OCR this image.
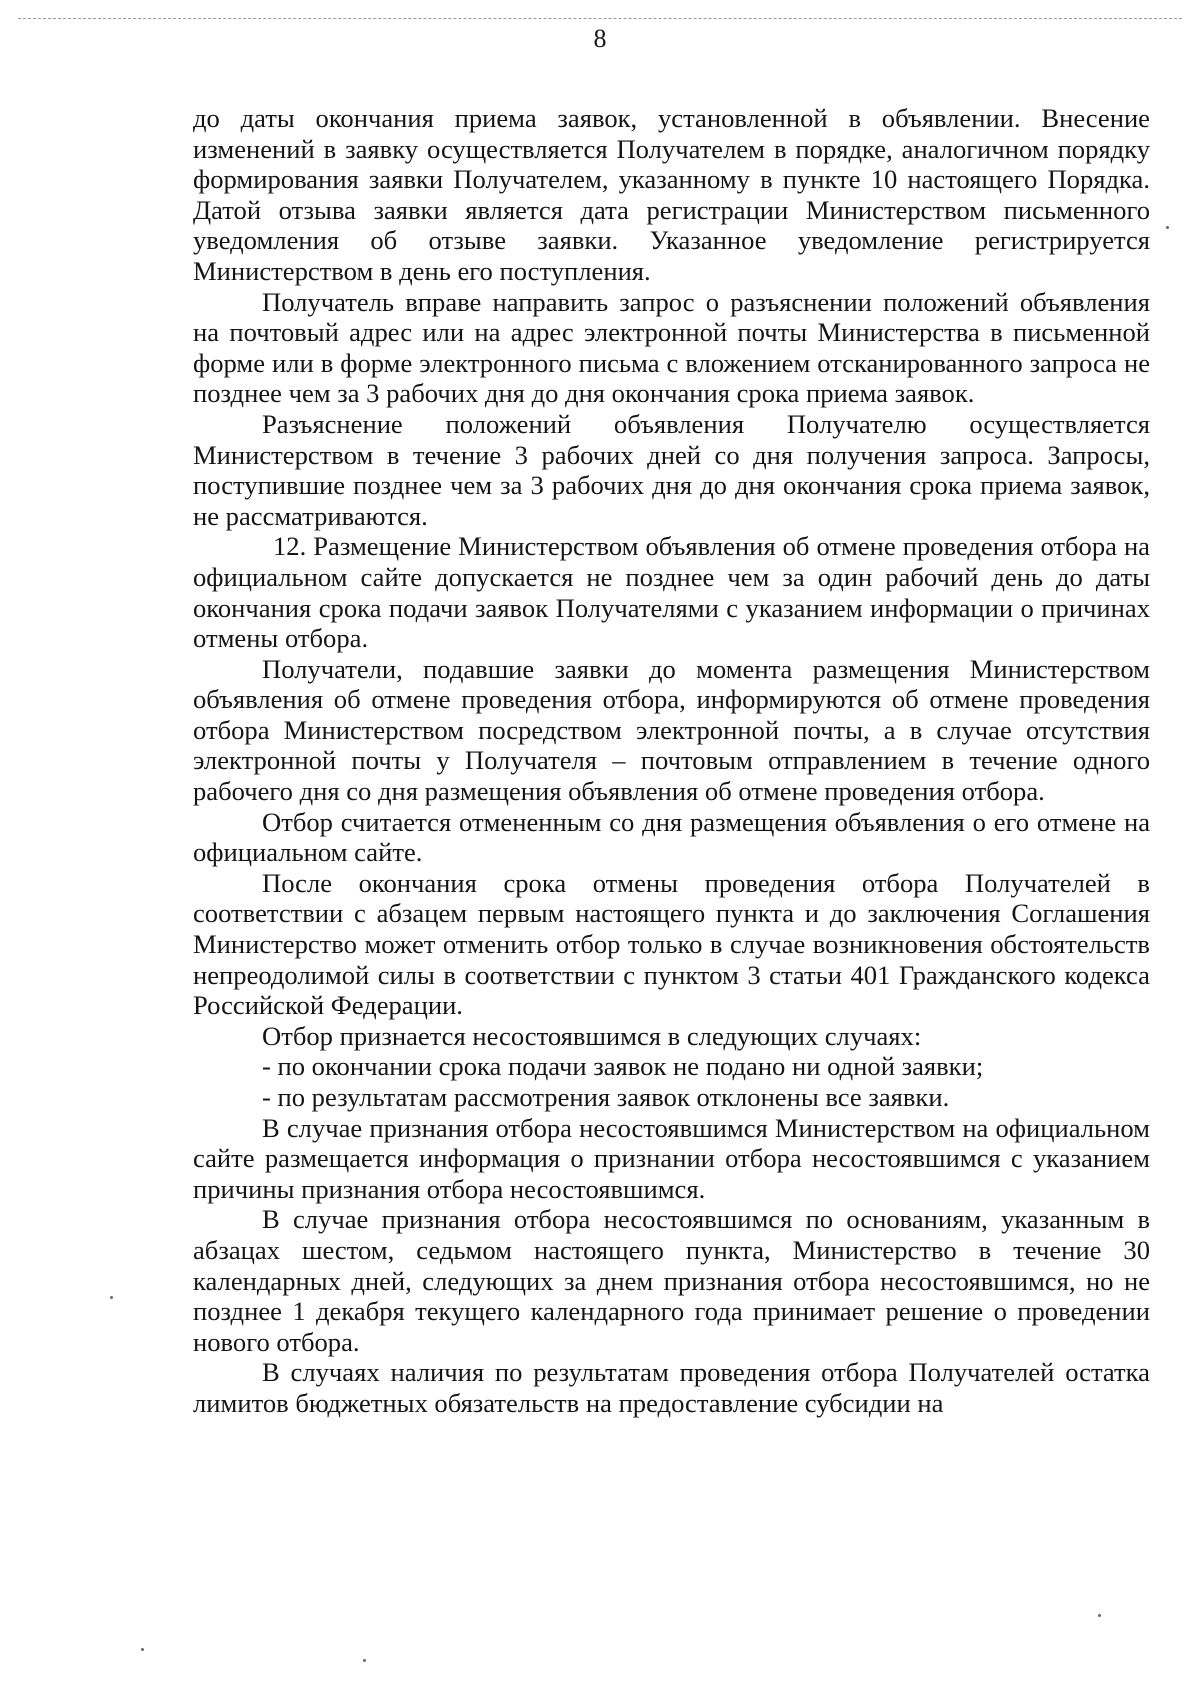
8

до даты окончания приема заявок, установленной в объявлении. Внесение изменений в заявку осуществляется Получателем в порядке, аналогичном порядку формирования заявки Получателем, указанному в пункте 10 настоящего Порядка. Датой отзыва заявки является дата регистрации Министерством письменного уведомления об отзыве заявки. Указанное уведомление регистрируется Министерством в день его поступления.

Получатель вправе направить запрос о разъяснении положений объявления на почтовый адрес или на адрес электронной почты Министерства в письменной форме или в форме электронного письма с вложением отсканированного запроса не позднее чем за 3 рабочих дня до дня окончания срока приема заявок.

Разъяснение положений объявления Получателю осуществляется Министерством в течение 3 рабочих дней со дня получения запроса. Запросы, поступившие позднее чем за 3 рабочих дня до дня окончания срока приема заявок, не рассматриваются.

12. Размещение Министерством объявления об отмене проведения отбора на официальном сайте допускается не позднее чем за один рабочий день до даты окончания срока подачи заявок Получателями с указанием информации о причинах отмены отбора.

Получатели, подавшие заявки до момента размещения Министерством объявления об отмене проведения отбора, информируются об отмене проведения отбора Министерством посредством электронной почты, а в случае отсутствия электронной почты у Получателя – почтовым отправлением в течение одного рабочего дня со дня размещения объявления об отмене проведения отбора.

Отбор считается отмененным со дня размещения объявления о его отмене на официальном сайте.

После окончания срока отмены проведения отбора Получателей в соответствии с абзацем первым настоящего пункта и до заключения Соглашения Министерство может отменить отбор только в случае возникновения обстоятельств непреодолимой силы в соответствии с пунктом 3 статьи 401 Гражданского кодекса Российской Федерации.

Отбор признается несостоявшимся в следующих случаях:

- по окончании срока подачи заявок не подано ни одной заявки;

- по результатам рассмотрения заявок отклонены все заявки.

В случае признания отбора несостоявшимся Министерством на официальном сайте размещается информация о признании отбора несостоявшимся с указанием причины признания отбора несостоявшимся.

В случае признания отбора несостоявшимся по основаниям, указанным в абзацах шестом, седьмом настоящего пункта, Министерство в течение 30 календарных дней, следующих за днем признания отбора несостоявшимся, но не позднее 1 декабря текущего календарного года принимает решение о проведении нового отбора.

В случаях наличия по результатам проведения отбора Получателей остатка лимитов бюджетных обязательств на предоставление субсидии на
